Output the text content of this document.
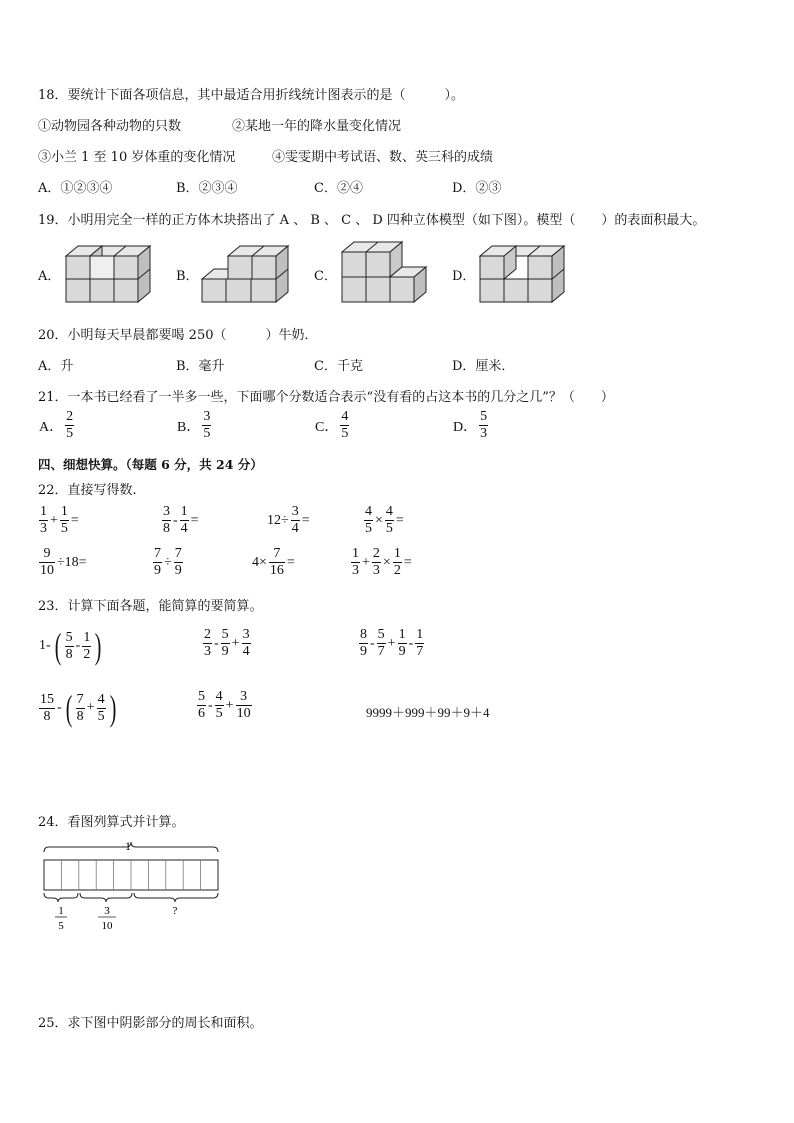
18．要统计下面各项信息，其中最适合用折线统计图表示的是（　　　）。
①动物园各种动物的只数	②某地一年的降水量变化情况
③小兰 1 至 10 岁体重的变化情况	④雯雯期中考试语、数、英三科的成绩
A．①②③④	B．②③④	C．②④	D．②③
19．小明用完全一样的正方体木块搭出了 A 、 B 、 C 、 D 四种立体模型（如下图）。模型（　　）的表面积最大。
A．	B．	C．	D．
20．小明每天早晨都要喝 250（　　　）牛奶．
A．升	B．毫升	C．千克	D．厘米．
21．一本书已经看了一半多一些，下面哪个分数适合表示“没有看的占这本书的几分之几”？（　　）
A． $\frac{2}{5}$	B． $\frac{3}{5}$	C． $\frac{4}{5}$	D． $\frac{5}{3}$
四、细想快算。（每题 6 分，共 24 分）
22．直接写得数.
$\frac{1}{3} + \frac{1}{5}$ =	$\frac{3}{8} - \frac{1}{4}$ =	$12\div \frac{3}{4}$ =	$\frac{4}{5} \times \frac{4}{5}$ =
$\frac{9}{10} \div 18=$	$\frac{7}{9} \div \frac{7}{9}$	$4\times \frac{7}{16}$ =	$\frac{1}{3} + \frac{2}{3} \times \frac{1}{2}$ =
23．计算下面各题，能简算的要简算。
1- ( $\frac{5}{8} - \frac{1}{2}$ )	$\frac{2}{3} - \frac{5}{9} + \frac{3}{4}$	$\frac{8}{9} - \frac{5}{7} + \frac{1}{9} - \frac{1}{7}$
$\frac{15}{8}$ - ( $\frac{7}{8} + \frac{4}{5}$ )	$\frac{5}{6} - \frac{4}{5} + \frac{3}{10}$	9999＋999＋99＋9＋4
24．看图列算式并计算。
1
1
5
3
10
?
25．求下图中阴影部分的周长和面积。
